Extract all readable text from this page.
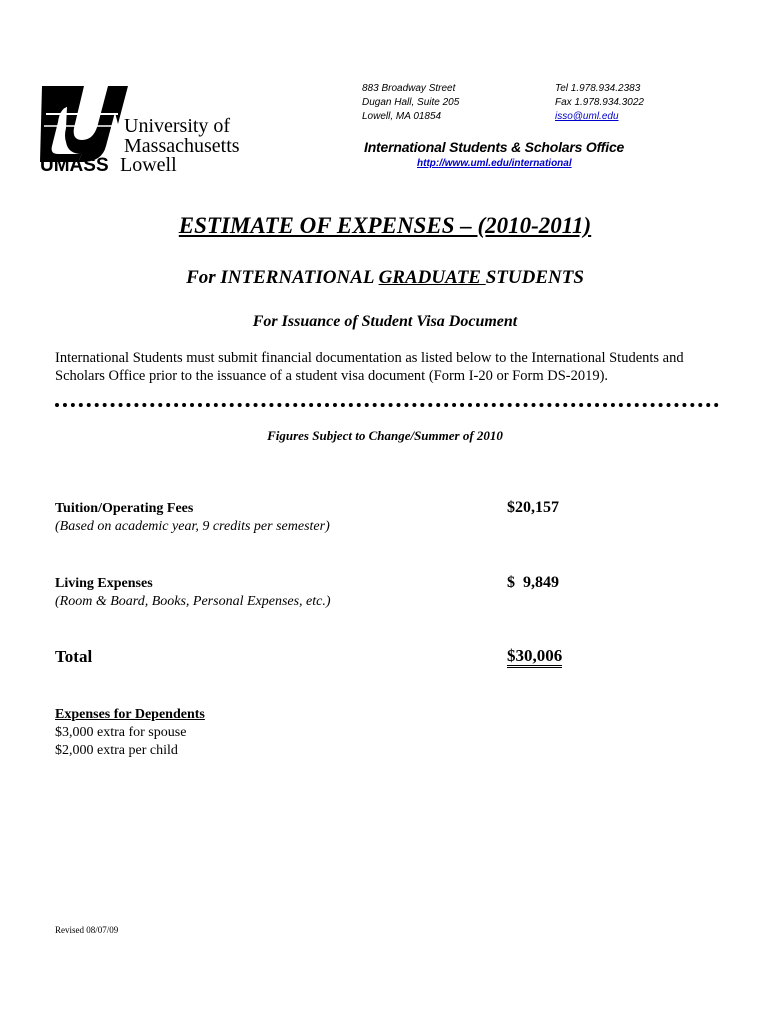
University of
Massachusetts
UMASS Lowell
883 Broadway Street
Dugan Hall, Suite 205
Lowell, MA 01854
Tel 1.978.934.2383
Fax 1.978.934.3022
isso@uml.edu
International Students & Scholars Office
http://www.uml.edu/international
ESTIMATE OF EXPENSES – (2010-2011)
For INTERNATIONAL GRADUATE STUDENTS
For Issuance of Student Visa Document
International Students must submit financial documentation as listed below to the International Students and Scholars Office prior to the issuance of a student visa document (Form I-20 or Form DS-2019).
Figures Subject to Change/Summer of 2010
Tuition/Operating Fees
(Based on academic year, 9 credits per semester)
$20,157
Living Expenses
(Room & Board, Books, Personal Expenses, etc.)
$  9,849
Total	$30,006
Expenses for Dependents
$3,000 extra for spouse
$2,000 extra per child
Revised 08/07/09
